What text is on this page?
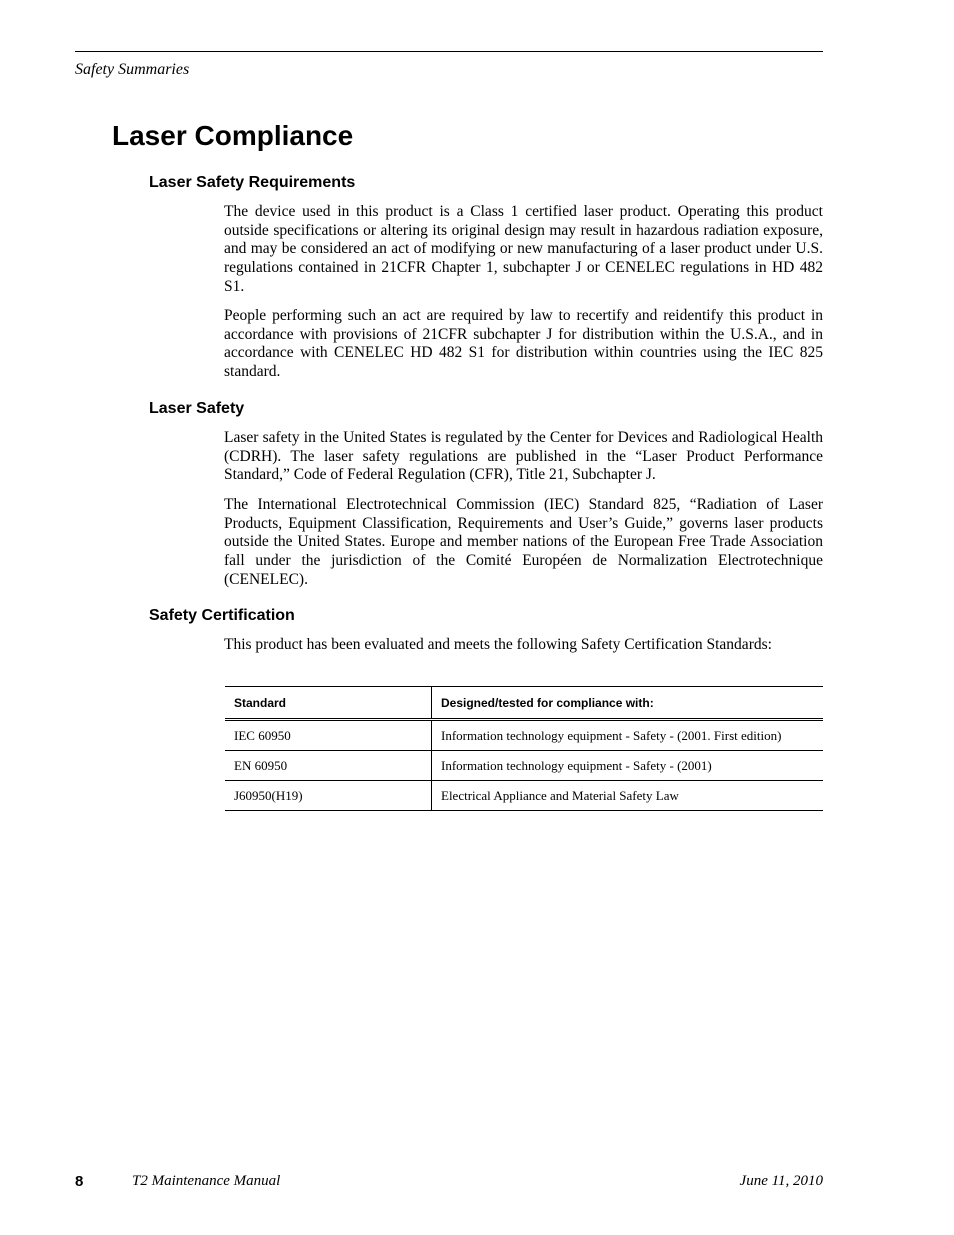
Safety Summaries
Laser Compliance
Laser Safety Requirements

The device used in this product is a Class 1 certified laser product. Operating this product outside specifications or altering its original design may result in hazardous radiation exposure, and may be considered an act of modifying or new manufacturing of a laser product under U.S. regulations contained in 21CFR Chapter 1, subchapter J or CENELEC regulations in HD 482 S1.

People performing such an act are required by law to recertify and reidentify this product in accordance with provisions of 21CFR subchapter J for distribution within the U.S.A., and in accordance with CENELEC HD 482 S1 for distribution within countries using the IEC 825 standard.

Laser Safety

Laser safety in the United States is regulated by the Center for Devices and Radiological Health (CDRH). The laser safety regulations are published in the “Laser Product Performance Standard,” Code of Federal Regulation (CFR), Title 21, Subchapter J.

The International Electrotechnical Commission (IEC) Standard 825, “Radiation of Laser Products, Equipment Classification, Requirements and User’s Guide,” governs laser products outside the United States. Europe and member nations of the European Free Trade Association fall under the jurisdiction of the Comité Européen de Normalization Electrotechnique (CENELEC).

Safety Certification

This product has been evaluated and meets the following Safety Certification Standards:

Standard	Designed/tested for compliance with:
IEC 60950	Information technology equipment - Safety - (2001. First edition)
EN 60950	Information technology equipment - Safety - (2001)
J60950(H19)	Electrical Appliance and Material Safety Law
8	T2 Maintenance Manual	June 11, 2010
